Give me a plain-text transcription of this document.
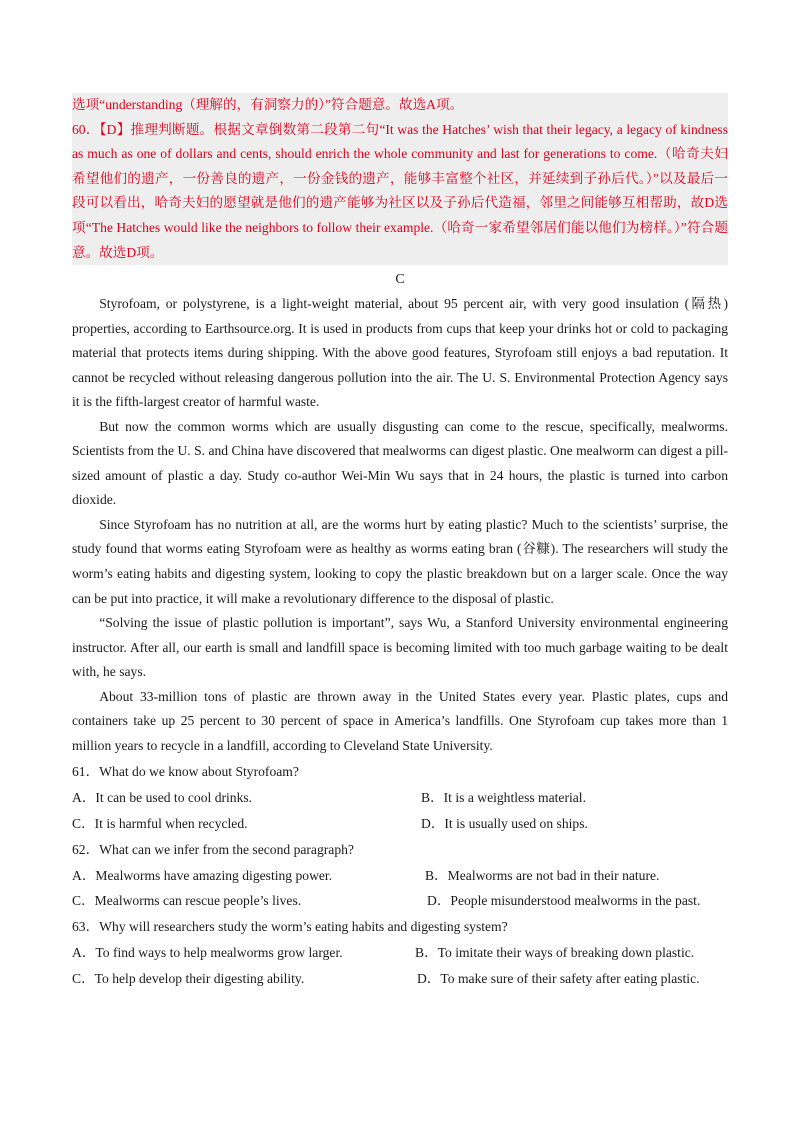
选项“understanding（理解的，有洞察力的）”符合题意。故选A项。

60．【D】推理判断题。根据文章倒数第二段第二句“It was the Hatches’ wish that their legacy, a legacy of kindness as much as one of dollars and cents, should enrich the whole community and last for generations to come.（哈奇夫妇希望他们的遗产，一份善良的遗产，一份金钱的遗产，能够丰富整个社区，并延续到子孙后代。）”以及最后一段可以看出，哈奇夫妇的愿望就是他们的遗产能够为社区以及子孙后代造福，邻里之间能够互相帮助，故D选项“The Hatches would like the neighbors to follow their example.（哈奇一家希望邻居们能以他们为榜样。）”符合题意。故选D项。

C

Styrofoam, or polystyrene, is a light-weight material, about 95 percent air, with very good insulation (隔热) properties, according to Earthsource.org. It is used in products from cups that keep your drinks hot or cold to packaging material that protects items during shipping. With the above good features, Styrofoam still enjoys a bad reputation. It cannot be recycled without releasing dangerous pollution into the air. The U. S. Environmental Protection Agency says it is the fifth-largest creator of harmful waste.

But now the common worms which are usually disgusting can come to the rescue, specifically, mealworms. Scientists from the U. S. and China have discovered that mealworms can digest plastic. One mealworm can digest a pill-sized amount of plastic a day. Study co-author Wei-Min Wu says that in 24 hours, the plastic is turned into carbon dioxide.

Since Styrofoam has no nutrition at all, are the worms hurt by eating plastic? Much to the scientists’ surprise, the study found that worms eating Styrofoam were as healthy as worms eating bran (谷糠). The researchers will study the worm’s eating habits and digesting system, looking to copy the plastic breakdown but on a larger scale. Once the way can be put into practice, it will make a revolutionary difference to the disposal of plastic.

“Solving the issue of plastic pollution is important”, says Wu, a Stanford University environmental engineering instructor. After all, our earth is small and landfill space is becoming limited with too much garbage waiting to be dealt with, he says.

About 33-million tons of plastic are thrown away in the United States every year. Plastic plates, cups and containers take up 25 percent to 30 percent of space in America’s landfills. One Styrofoam cup takes more than 1 million years to recycle in a landfill, according to Cleveland State University.

61．What do we know about Styrofoam?
A．It can be used to cool drinks.	B．It is a weightless material.
C．It is harmful when recycled.	D．It is usually used on ships.
62．What can we infer from the second paragraph?
A．Mealworms have amazing digesting power.	B．Mealworms are not bad in their nature.
C．Mealworms can rescue people’s lives.	D．People misunderstood mealworms in the past.
63．Why will researchers study the worm’s eating habits and digesting system?
A．To find ways to help mealworms grow larger.	B．To imitate their ways of breaking down plastic.
C．To help develop their digesting ability.	D．To make sure of their safety after eating plastic.
